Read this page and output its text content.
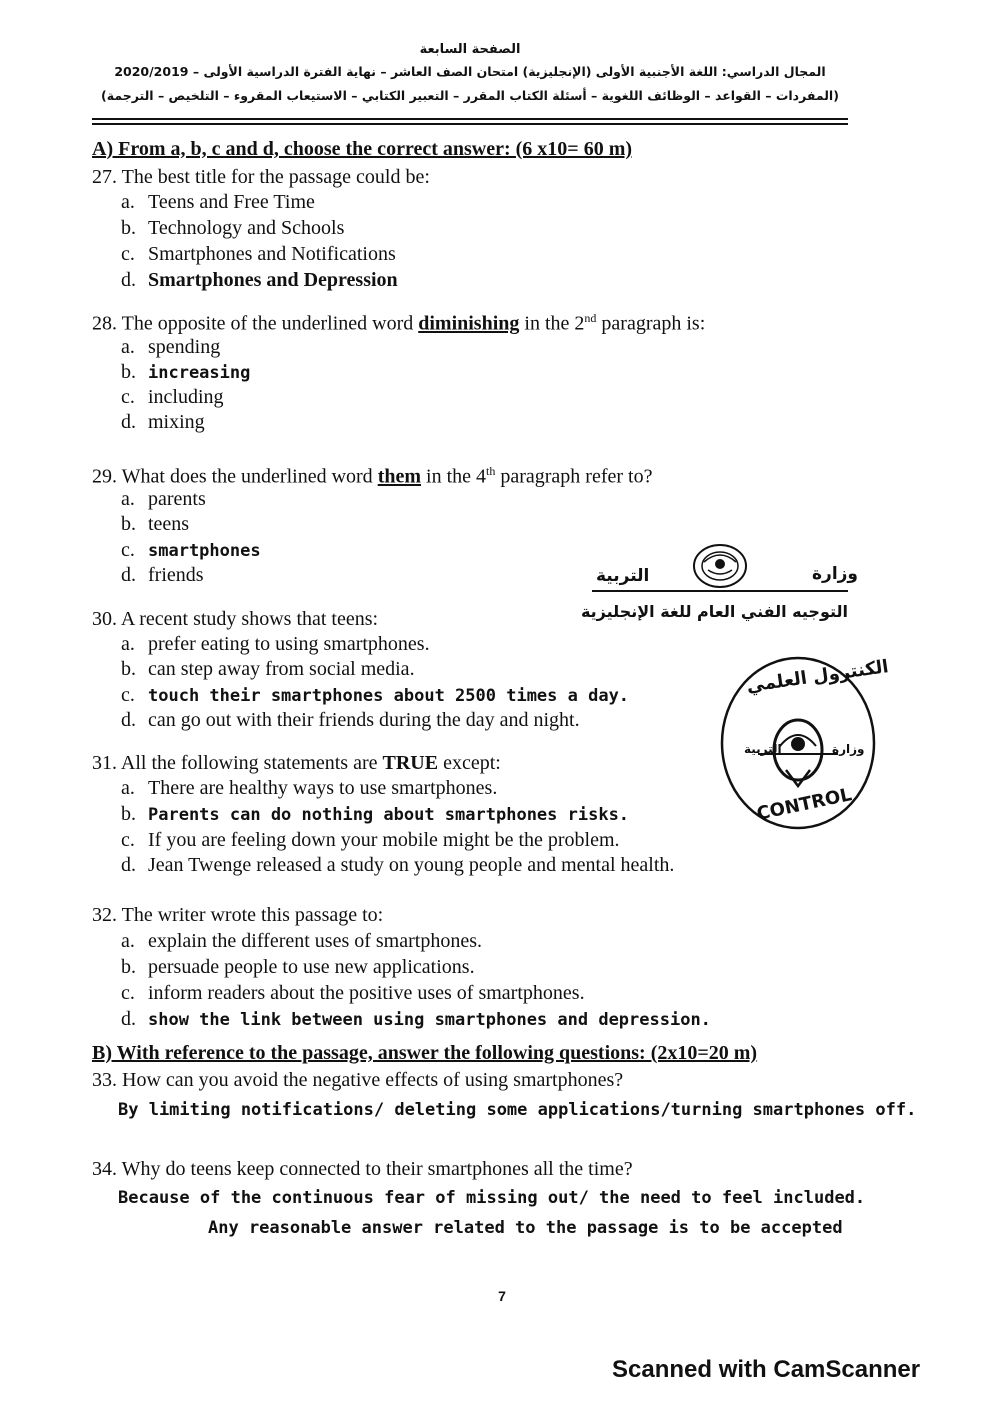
الصفحة السابعة
المجال الدراسي: اللغة الأجنبية الأولى (الإنجليزية) امتحان الصف العاشر – نهاية الفترة الدراسية الأولى – 2020/2019
(المفردات – القواعد – الوظائف اللغوية – أسئلة الكتاب المقرر – التعبير الكتابي – الاستيعاب المقروء – التلخيص – الترجمة)
A) From a, b, c and d, choose the correct answer: (6 x10= 60 m)
27. The best title for the passage could be:
a. Teens and Free Time
b. Technology and Schools
c. Smartphones and Notifications
d. Smartphones and Depression
28. The opposite of the underlined word diminishing in the 2nd paragraph is:
a. spending
b. increasing
c. including
d. mixing
29. What does the underlined word them in the 4th paragraph refer to?
a. parents
b. teens
c. smartphones
d. friends	التربية	وزارة
التوجيه الفني العام للغة الإنجليزية
30. A recent study shows that teens:
a. prefer eating to using smartphones.
b. can step away from social media.
c. touch their smartphones about 2500 times a day.
d. can go out with their friends during the day and night.
الكنترول العلمي
التربية	وزارة
CONTROL
31. All the following statements are TRUE except:
a. There are healthy ways to use smartphones.
b. Parents can do nothing about smartphones risks.
c. If you are feeling down your mobile might be the problem.
d. Jean Twenge released a study on young people and mental health.
32. The writer wrote this passage to:
a. explain the different uses of smartphones.
b. persuade people to use new applications.
c. inform readers about the positive uses of smartphones.
d. show the link between using smartphones and depression.
B) With reference to the passage, answer the following questions: (2x10=20 m)
33. How can you avoid the negative effects of using smartphones?
By limiting notifications/ deleting some applications/turning smartphones off.
34. Why do teens keep connected to their smartphones all the time?
Because of the continuous fear of missing out/ the need to feel included.
Any reasonable answer related to the passage is to be accepted
7
Scanned with CamScanner
